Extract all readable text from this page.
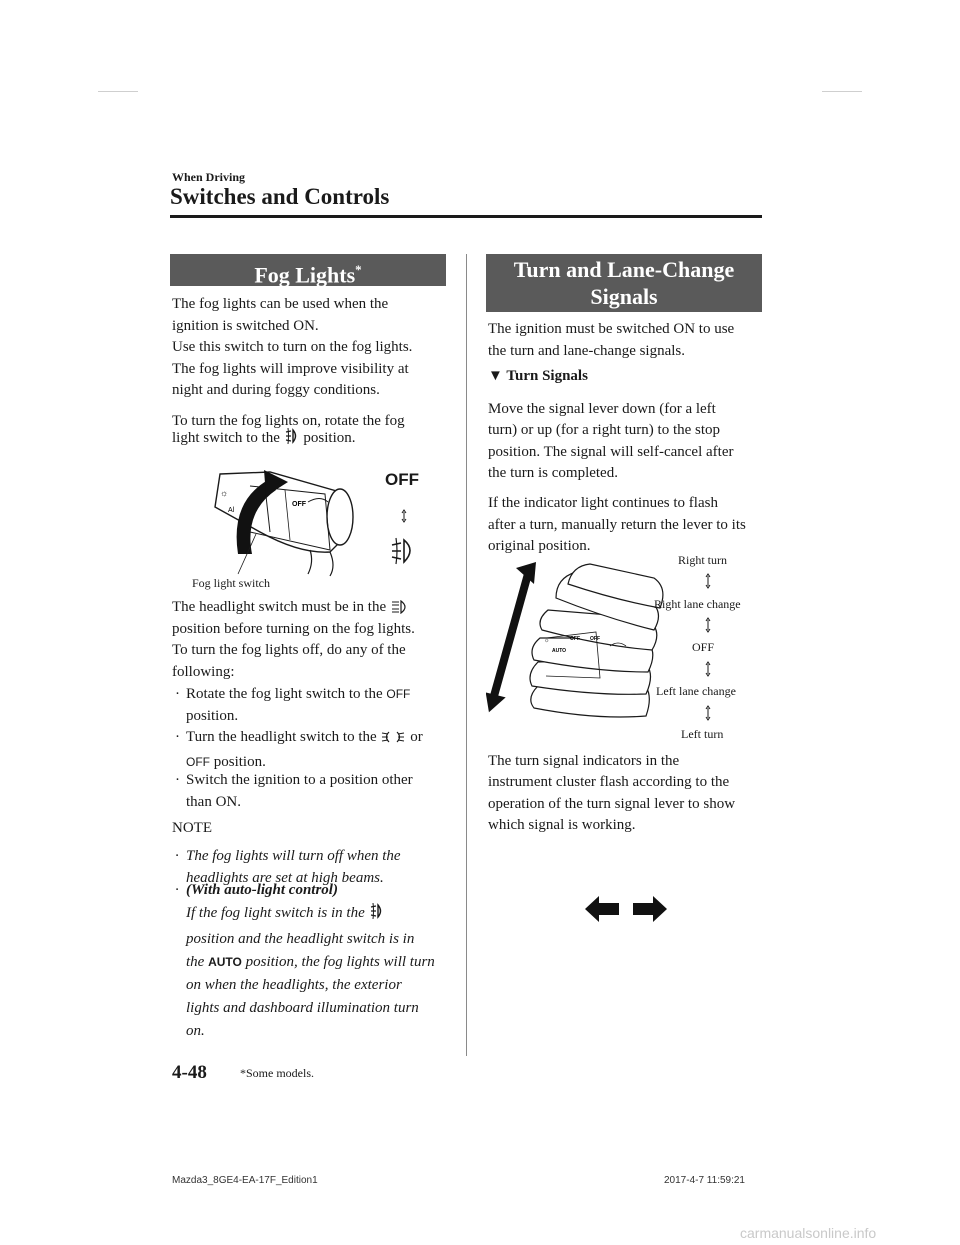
When Driving
Switches and Controls
Fog Lights*
The fog lights can be used when the
ignition is switched ON.
Use this switch to turn on the fog lights.
The fog lights will improve visibility at
night and during foggy conditions.
To turn the fog lights on, rotate the fog
light switch to the position.
☼
Al
OFF
OFF
Fog light switch
The headlight switch must be in the
position before turning on the fog lights.
To turn the fog lights off, do any of the
following:
· Rotate the fog light switch to the OFF
position.
· Turn the headlight switch to the or
OFF position.
· Switch the ignition to a position other
than ON.
NOTE
· The fog lights will turn off when the
headlights are set at high beams.
· (With auto-light control)
If the fog light switch is in the
position and the headlight switch is in
the AUTO position, the fog lights will turn
on when the headlights, the exterior
lights and dashboard illumination turn
on.
Turn and Lane-Change
Signals
The ignition must be switched ON to use
the turn and lane-change signals.
▼ Turn Signals
Move the signal lever down (for a left
turn) or up (for a right turn) to the stop
position. The signal will self-cancel after
the turn is completed.
If the indicator light continues to flash
after a turn, manually return the lever to its
original position.
☼
AUTO
OFF OFF
Right turn
Right lane change
OFF
Left lane change
Left turn
The turn signal indicators in the
instrument cluster flash according to the
operation of the turn signal lever to show
which signal is working.
4-48	*Some models.
Mazda3_8GE4-EA-17F_Edition1	2017-4-7 11:59:21
carmanualsonline.info
